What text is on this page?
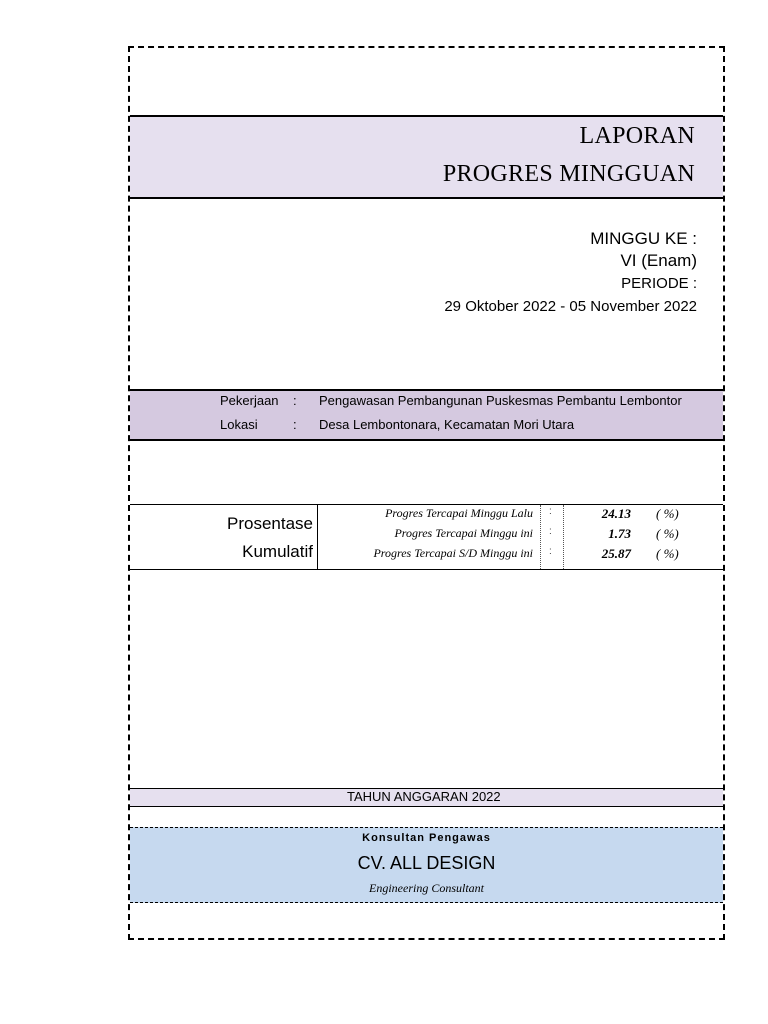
LAPORAN
PROGRES MINGGUAN
MINGGU KE :
VI (Enam)
PERIODE :
29 Oktober 2022 - 05 November 2022
Pekerjaan : Pengawasan Pembangunan Puskesmas Pembantu Lembontor
Lokasi	: Desa Lembontonara, Kecamatan Mori Utara
Prosentase
Kumulatif
Progres Tercapai Minggu Lalu :	24.13 ( %)
Progres Tercapai Minggu ini :	1.73 ( %)
Progres Tercapai S/D Minggu ini :	25.87 ( %)
TAHUN ANGGARAN 2022
Konsultan Pengawas
CV. ALL DESIGN
Engineering Consultant
